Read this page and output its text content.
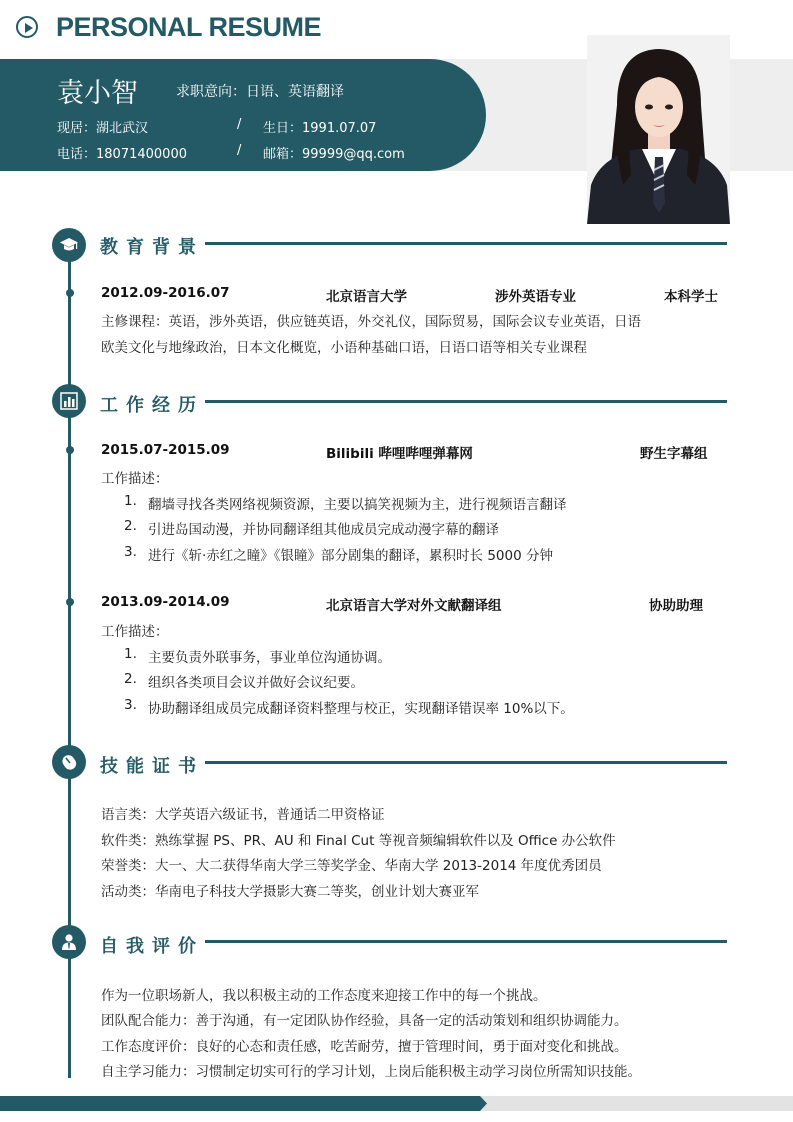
PERSONAL RESUME
袁小智	求职意向：日语、英语翻译
现居：湖北武汉	/ 生日：1991.07.07
电话：18071400000	/ 邮箱：99999@qq.com
教育背景
2012.09-2016.07	北京语言大学	涉外英语专业	本科学士
主修课程：英语，涉外英语，供应链英语，外交礼仪，国际贸易，国际会议专业英语，日语
欧美文化与地缘政治，日本文化概览，小语种基础口语，日语口语等相关专业课程
工作经历
2015.07-2015.09	Bilibili 哔哩哔哩弹幕网	野生字幕组
工作描述：
1. 翻墙寻找各类网络视频资源，主要以搞笑视频为主，进行视频语言翻译
2. 引进岛国动漫，并协同翻译组其他成员完成动漫字幕的翻译
3. 进行《斩·赤红之瞳》《银瞳》部分剧集的翻译，累积时长 5000 分钟
2013.09-2014.09	北京语言大学对外文献翻译组	协助助理
工作描述：
1. 主要负责外联事务，事业单位沟通协调。
2. 组织各类项目会议并做好会议纪要。
3. 协助翻译组成员完成翻译资料整理与校正，实现翻译错误率 10%以下。
技能证书
语言类：大学英语六级证书，普通话二甲资格证
软件类：熟练掌握 PS、PR、AU 和 Final Cut 等视音频编辑软件以及 Office 办公软件
荣誉类：大一、大二获得华南大学三等奖学金、华南大学 2013-2014 年度优秀团员
活动类：华南电子科技大学摄影大赛二等奖，创业计划大赛亚军
自我评价
作为一位职场新人，我以积极主动的工作态度来迎接工作中的每一个挑战。
团队配合能力：善于沟通，有一定团队协作经验，具备一定的活动策划和组织协调能力。
工作态度评价：良好的心态和责任感，吃苦耐劳，擅于管理时间，勇于面对变化和挑战。
自主学习能力：习惯制定切实可行的学习计划，上岗后能积极主动学习岗位所需知识技能。
